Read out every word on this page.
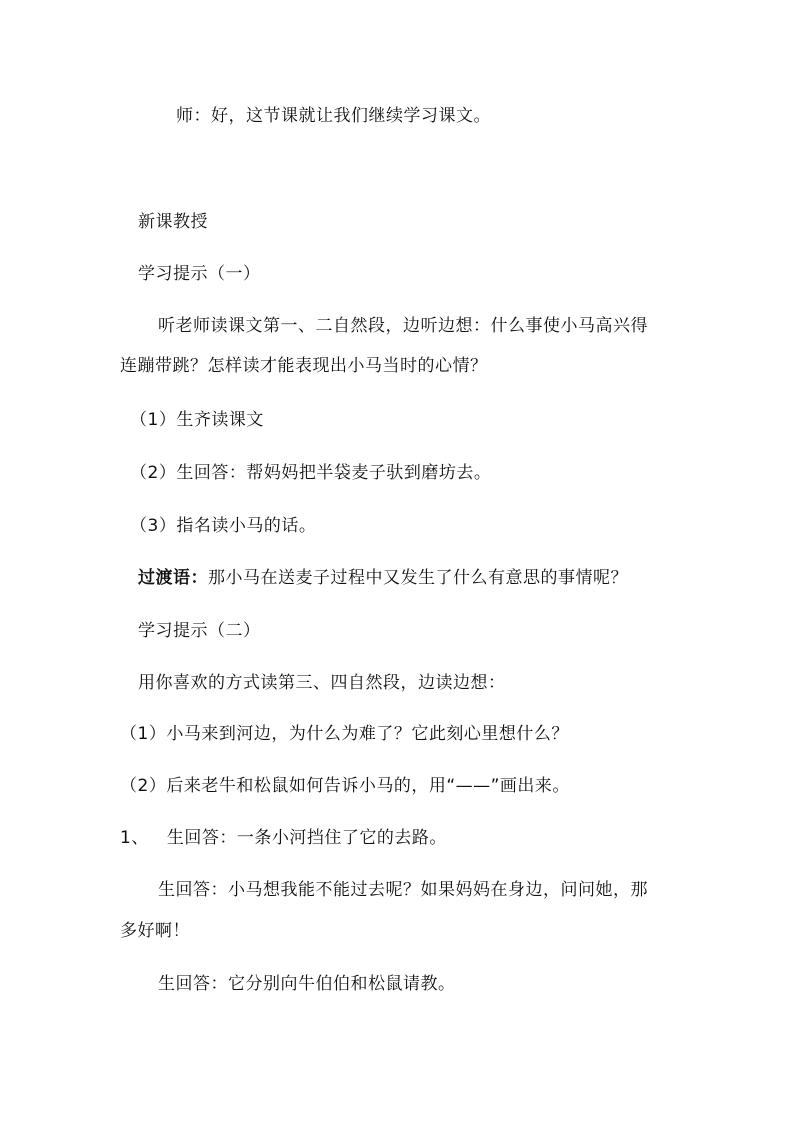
师：好，这节课就让我们继续学习课文。
新课教授
学习提示（一）
听老师读课文第一、二自然段，边听边想：什么事使小马高兴得
连蹦带跳？怎样读才能表现出小马当时的心情？
（1）生齐读课文
（2）生回答：帮妈妈把半袋麦子驮到磨坊去。
（3）指名读小马的话。
过渡语：那小马在送麦子过程中又发生了什么有意思的事情呢？
学习提示（二）
用你喜欢的方式读第三、四自然段，边读边想：
（1）小马来到河边，为什么为难了？它此刻心里想什么？
（2）后来老牛和松鼠如何告诉小马的，用“——”画出来。
1、 生回答：一条小河挡住了它的去路。
生回答：小马想我能不能过去呢？如果妈妈在身边，问问她，那
多好啊！
生回答：它分别向牛伯伯和松鼠请教。
